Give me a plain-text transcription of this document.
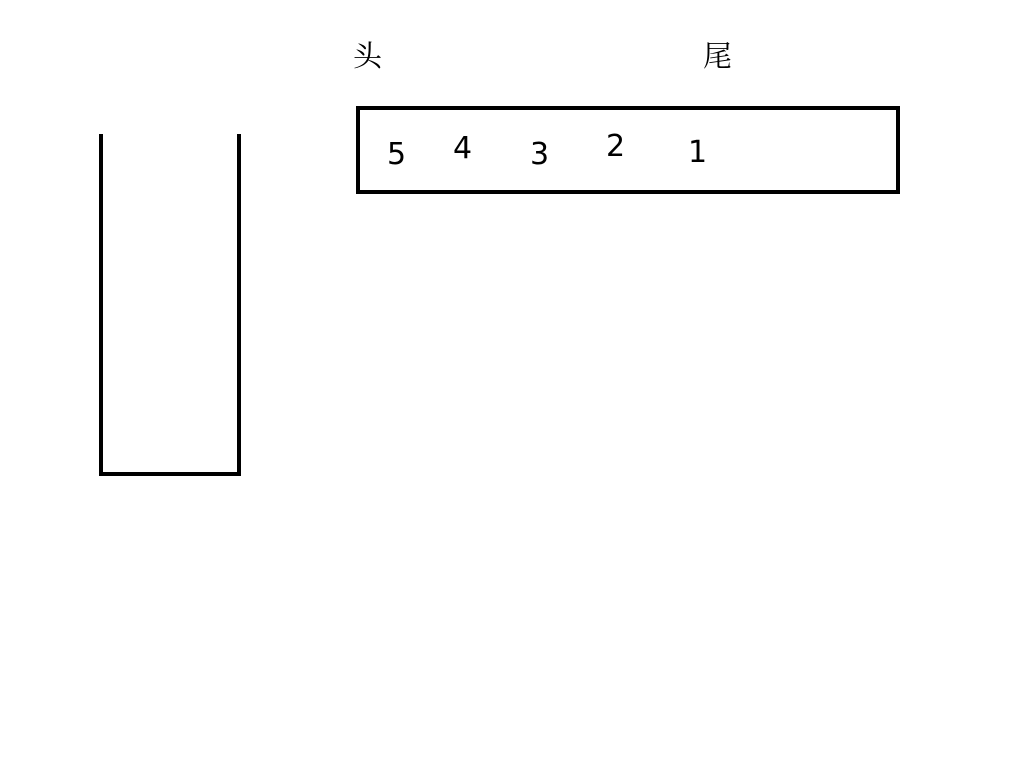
头	尾
5 4 3 2 1
